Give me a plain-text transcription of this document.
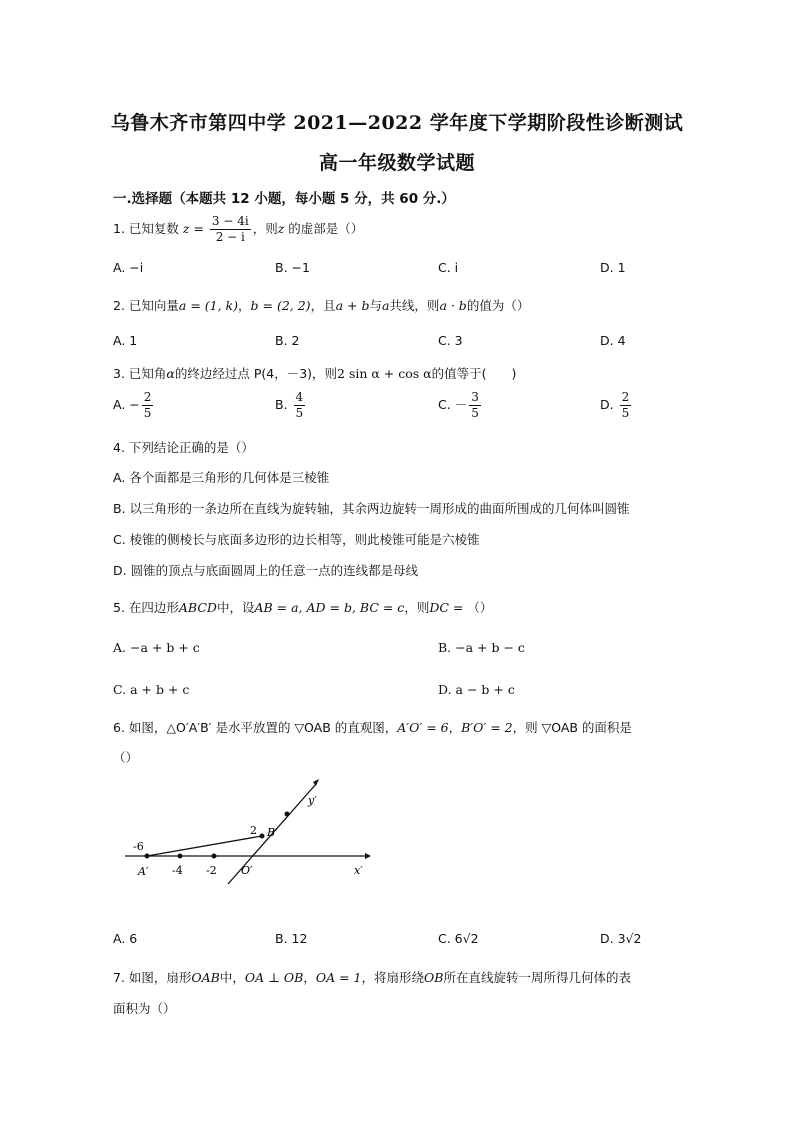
乌鲁木齐市第四中学 2021—2022 学年度下学期阶段性诊断测试
高一年级数学试题
一.选择题（本题共 12 小题，每小题 5 分，共 60 分.）
1. 已知复数 $z = \frac{3 - 4i}{2 - i}$ ，则z 的虚部是（）
A. −i	B. −1	C. i	D. 1
2. 已知向量a = (1, k)，b = (2, 2)，且a + b与a共线，则a · b的值为（）
A. 1	B. 2	C. 3	D. 4
3. 已知角α的终边经过点 P(4，－3)，则2 sin α + cos α的值等于(　　)
A. − $\frac{2}{5}$	B. $\frac{4}{5}$	C. － $\frac{3}{5}$	D. $\frac{2}{5}$
4. 下列结论正确的是（）
A. 各个面都是三角形的几何体是三棱锥
B. 以三角形的一条边所在直线为旋转轴，其余两边旋转一周形成的曲面所围成的几何体叫圆锥
C. 棱锥的侧棱长与底面多边形的边长相等，则此棱锥可能是六棱锥
D. 圆锥的顶点与底面圆周上的任意一点的连线都是母线
5. 在四边形ABCD中，设AB = a, AD = b, BC = c，则DC = （）
A. −a + b + c	B. −a + b − c
C. a + b + c	D. a − b + c
6. 如图，△O′A′B′ 是水平放置的 ▽OAB 的直观图，A′O′ = 6，B′O′ = 2，则 ▽OAB 的面积是
（）
-6
2 B′
y′
A′ -4 -2 O′	x′
A. 6	B. 12	C. 6√2	D. 3√2
7. 如图，扇形OAB中，OA ⊥ OB，OA = 1，将扇形绕OB所在直线旋转一周所得几何体的表
面积为（）
